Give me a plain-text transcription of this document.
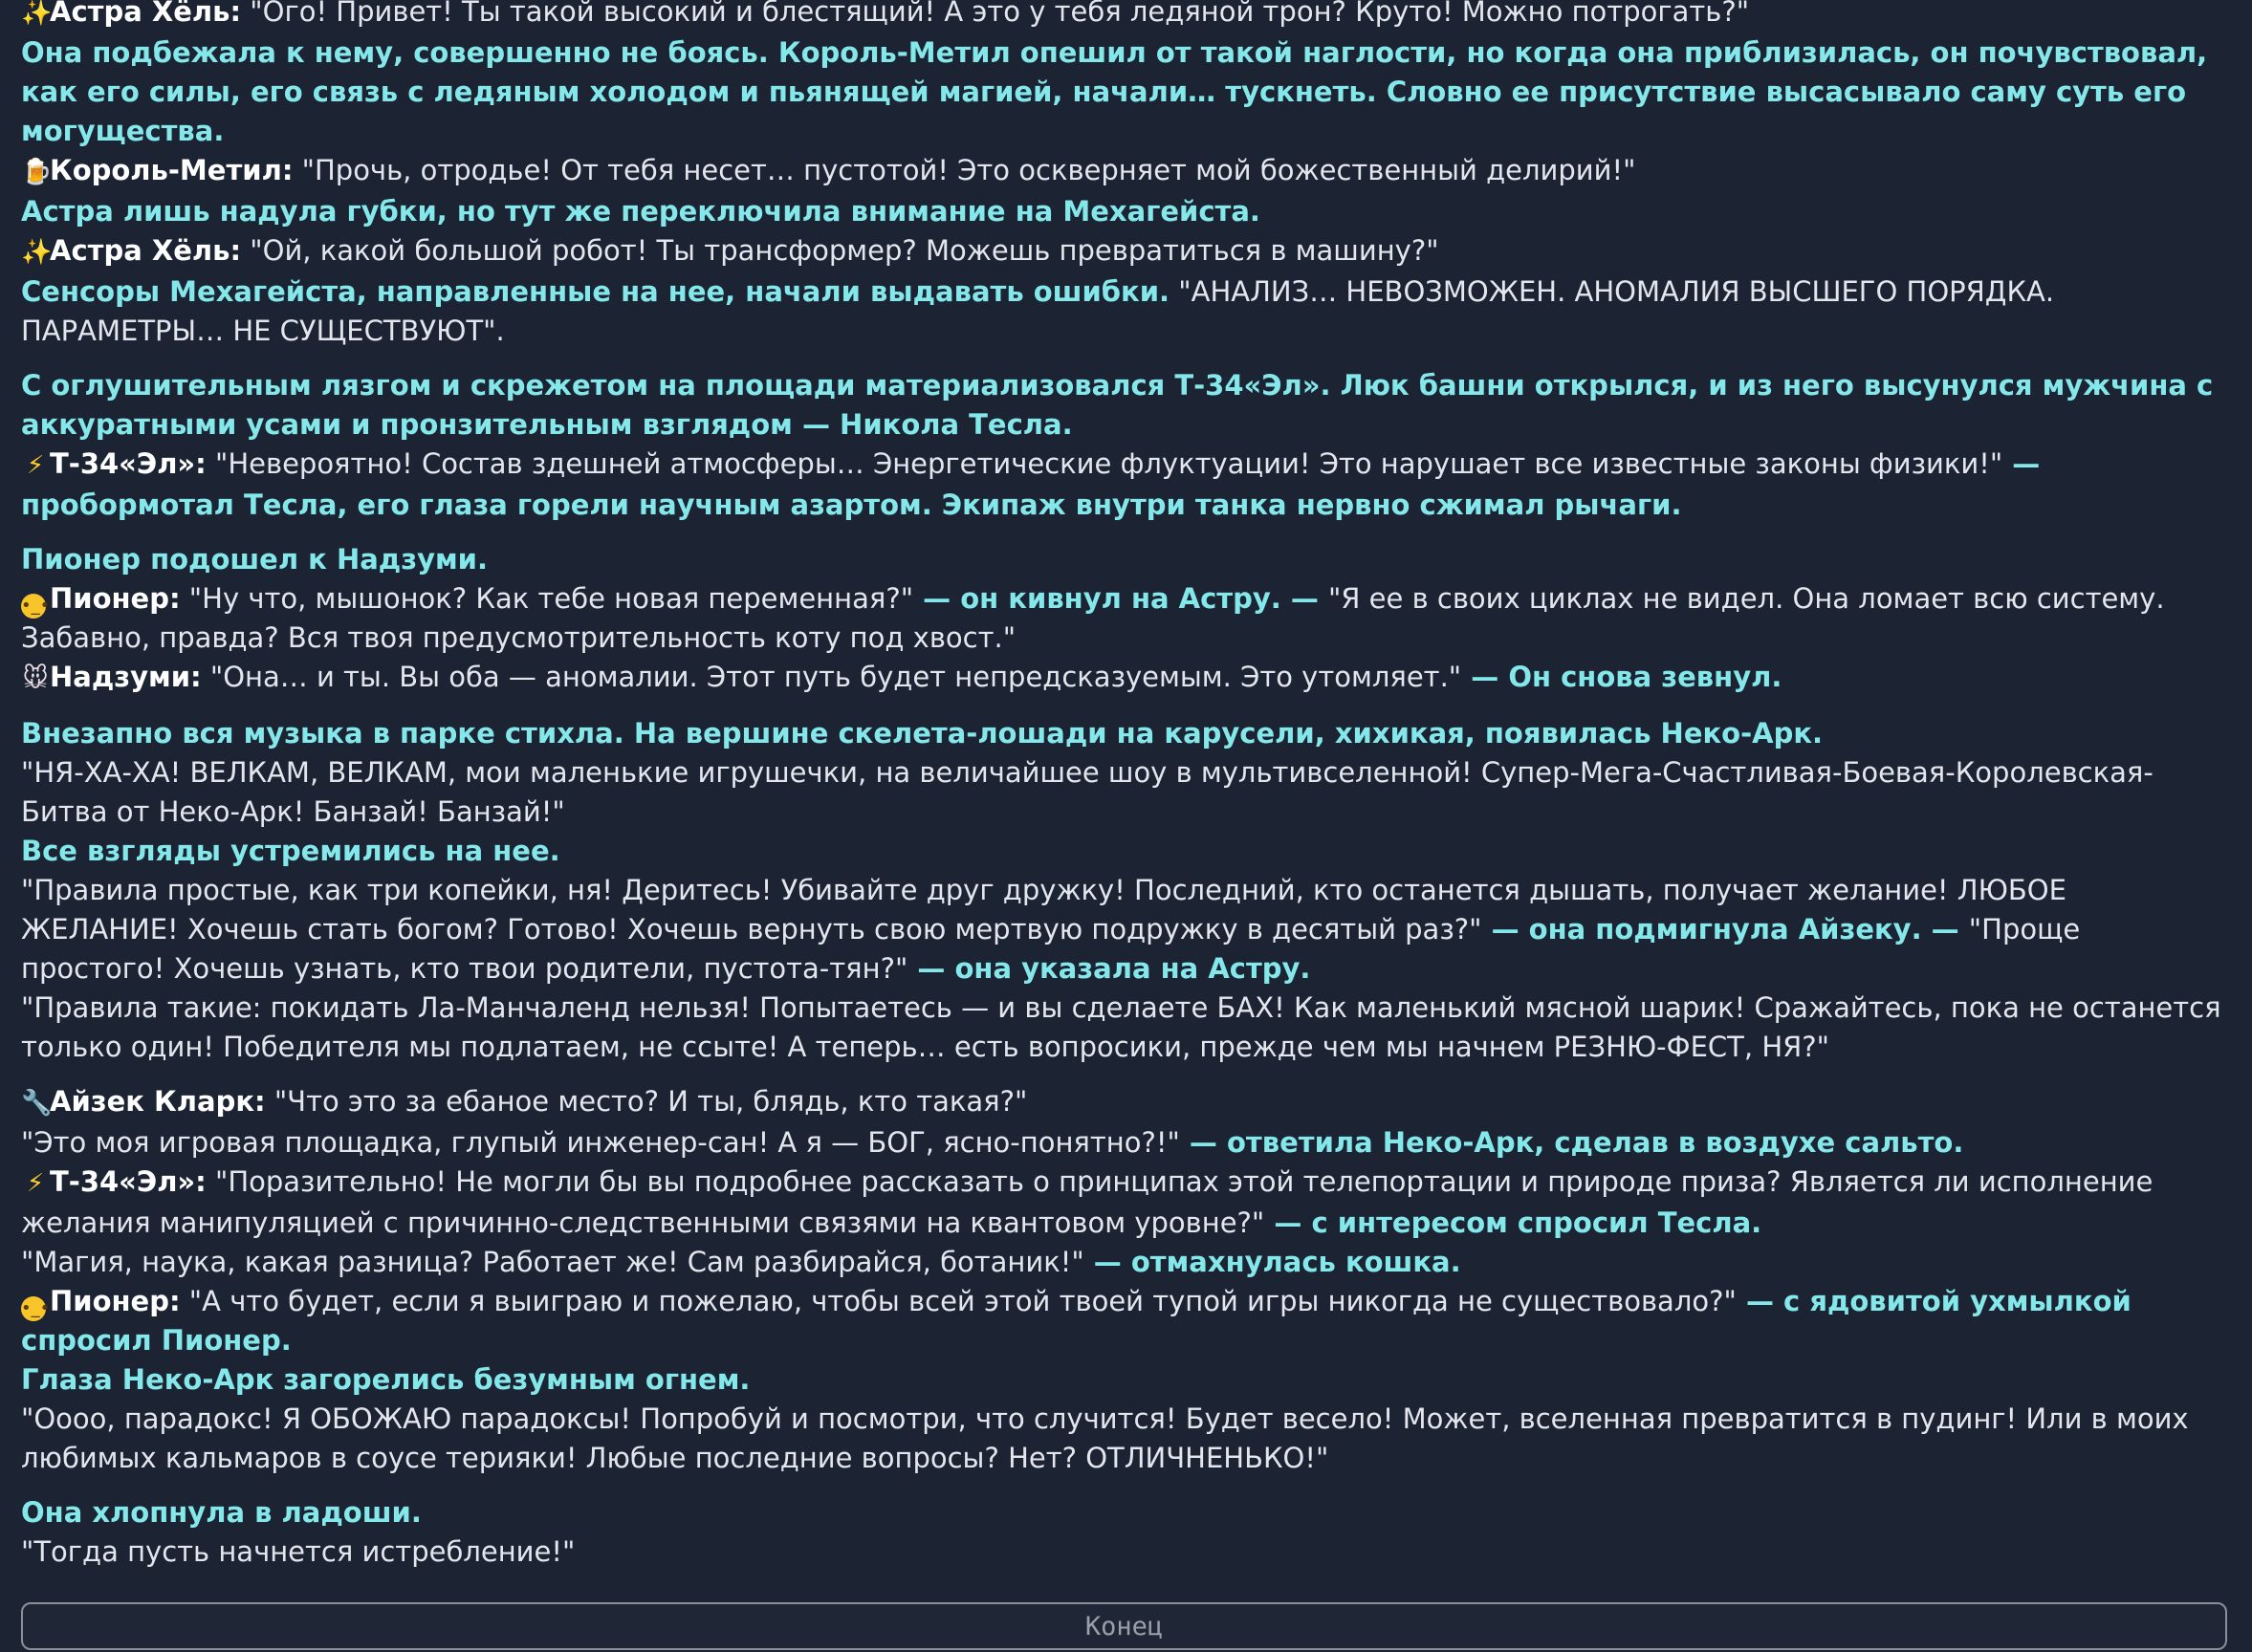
✨Астра Хёль: "Ого! Привет! Ты такой высокий и блестящий! А это у тебя ледяной трон? Круто! Можно потрогать?"

Она подбежала к нему, совершенно не боясь. Король-Метил опешил от такой наглости, но когда она приблизилась, он почувствовал, как его силы, его связь с ледяным холодом и пьянящей магией, начали… тускнеть. Словно ее присутствие высасывало саму суть его могущества.

🍺Король-Метил: "Прочь, отродье! От тебя несет… пустотой! Это оскверняет мой божественный делирий!"

Астра лишь надула губки, но тут же переключила внимание на Мехагейста.

✨Астра Хёль: "Ой, какой большой робот! Ты трансформер? Можешь превратиться в машину?"

Сенсоры Мехагейста, направленные на нее, начали выдавать ошибки. "АНАЛИЗ… НЕВОЗМОЖЕН. АНОМАЛИЯ ВЫСШЕГО ПОРЯДКА. ПАРАМЕТРЫ… НЕ СУЩЕСТВУЮТ".

С оглушительным лязгом и скрежетом на площади материализовался Т-34«Эл». Люк башни открылся, и из него высунулся мужчина с аккуратными усами и пронзительным взглядом — Никола Тесла.

⚡ Т-34«Эл»: "Невероятно! Состав здешней атмосферы… Энергетические флуктуации! Это нарушает все известные законы физики!" — пробормотал Тесла, его глаза горели научным азартом. Экипаж внутри танка нервно сжимал рычаги.

Пионер подошел к Надзуми.

•_•Пионер: "Ну что, мышонок? Как тебе новая переменная?" — он кивнул на Астру. — "Я ее в своих циклах не видел. Она ломает всю систему. Забавно, правда? Вся твоя предусмотрительность коту под хвост."

🐭Надзуми: "Она… и ты. Вы оба — аномалии. Этот путь будет непредсказуемым. Это утомляет." — Он снова зевнул.

Внезапно вся музыка в парке стихла. На вершине скелета-лошади на карусели, хихикая, появилась Неко-Арк.

"НЯ-ХА-ХА! ВЕЛКАМ, ВЕЛКАМ, мои маленькие игрушечки, на величайшее шоу в мультивселенной! Супер-Мега-Счастливая-Боевая-Королевская-Битва от Неко-Арк! Банзай! Банзай!"

Все взгляды устремились на нее.

"Правила простые, как три копейки, ня! Деритесь! Убивайте друг дружку! Последний, кто останется дышать, получает желание! ЛЮБОЕ ЖЕЛАНИЕ! Хочешь стать богом? Готово! Хочешь вернуть свою мертвую подружку в десятый раз?" — она подмигнула Айзеку. — "Проще простого! Хочешь узнать, кто твои родители, пустота-тян?" — она указала на Астру.

"Правила такие: покидать Ла-Манчаленд нельзя! Попытаетесь — и вы сделаете БАХ! Как маленький мясной шарик! Сражайтесь, пока не останется только один! Победителя мы подлатаем, не ссыте! А теперь… есть вопросики, прежде чем мы начнем РЕЗНЮ-ФЕСТ, НЯ?"

🔧Айзек Кларк: "Что это за ебаное место? И ты, блядь, кто такая?"

"Это моя игровая площадка, глупый инженер-сан! А я — БОГ, ясно-понятно?!" — ответила Неко-Арк, сделав в воздухе сальто.

⚡ Т-34«Эл»: "Поразительно! Не могли бы вы подробнее рассказать о принципах этой телепортации и природе приза? Является ли исполнение желания манипуляцией с причинно-следственными связями на квантовом уровне?" — с интересом спросил Тесла.

"Магия, наука, какая разница? Работает же! Сам разбирайся, ботаник!" — отмахнулась кошка.

•_•Пионер: "А что будет, если я выиграю и пожелаю, чтобы всей этой твоей тупой игры никогда не существовало?" — с ядовитой ухмылкой спросил Пионер.

Глаза Неко-Арк загорелись безумным огнем.

"Оооо, парадокс! Я ОБОЖАЮ парадоксы! Попробуй и посмотри, что случится! Будет весело! Может, вселенная превратится в пудинг! Или в моих любимых кальмаров в соусе терияки! Любые последние вопросы? Нет? ОТЛИЧНЕНЬКО!"

Она хлопнула в ладоши.

"Тогда пусть начнется истребление!"

Конец
